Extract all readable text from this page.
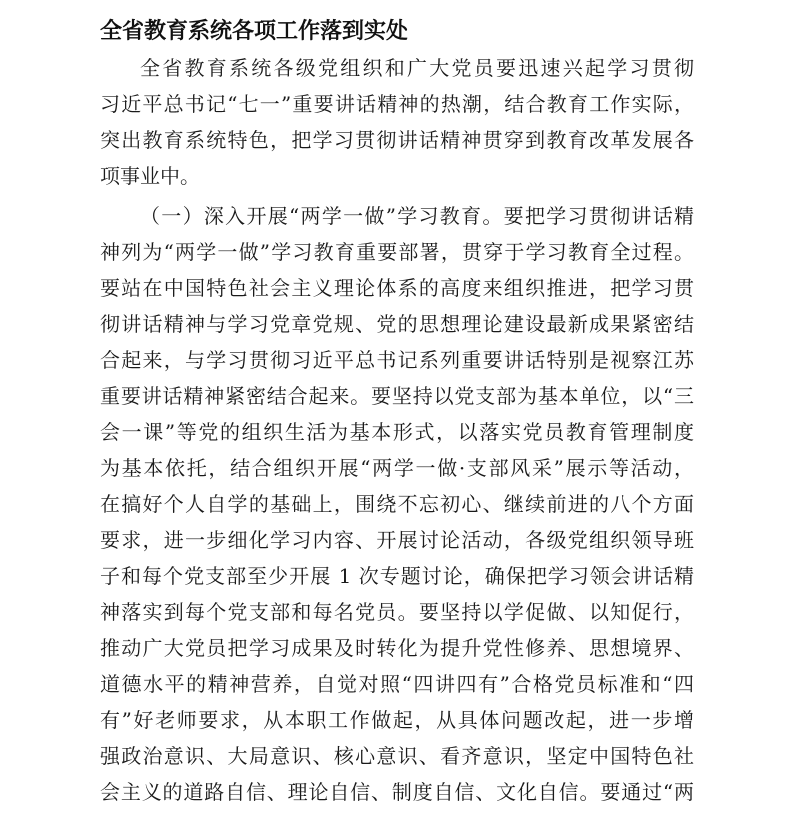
全省教育系统各项工作落到实处
全省教育系统各级党组织和广大党员要迅速兴起学习贯彻
习近平总书记“七一”重要讲话精神的热潮，结合教育工作实际，
突出教育系统特色，把学习贯彻讲话精神贯穿到教育改革发展各
项事业中。
（一）深入开展“两学一做”学习教育。要把学习贯彻讲话精
神列为“两学一做”学习教育重要部署，贯穿于学习教育全过程。
要站在中国特色社会主义理论体系的高度来组织推进，把学习贯
彻讲话精神与学习党章党规、党的思想理论建设最新成果紧密结
合起来，与学习贯彻习近平总书记系列重要讲话特别是视察江苏
重要讲话精神紧密结合起来。要坚持以党支部为基本单位，以“三
会一课”等党的组织生活为基本形式，以落实党员教育管理制度
为基本依托，结合组织开展“两学一做·支部风采”展示等活动，
在搞好个人自学的基础上，围绕不忘初心、继续前进的八个方面
要求，进一步细化学习内容、开展讨论活动，各级党组织领导班
子和每个党支部至少开展 1 次专题讨论，确保把学习领会讲话精
神落实到每个党支部和每名党员。要坚持以学促做、以知促行，
推动广大党员把学习成果及时转化为提升党性修养、思想境界、
道德水平的精神营养，自觉对照“四讲四有”合格党员标准和“四
有”好老师要求，从本职工作做起，从具体问题改起，进一步增
强政治意识、大局意识、核心意识、看齐意识，坚定中国特色社
会主义的道路自信、理论自信、制度自信、文化自信。要通过“两
